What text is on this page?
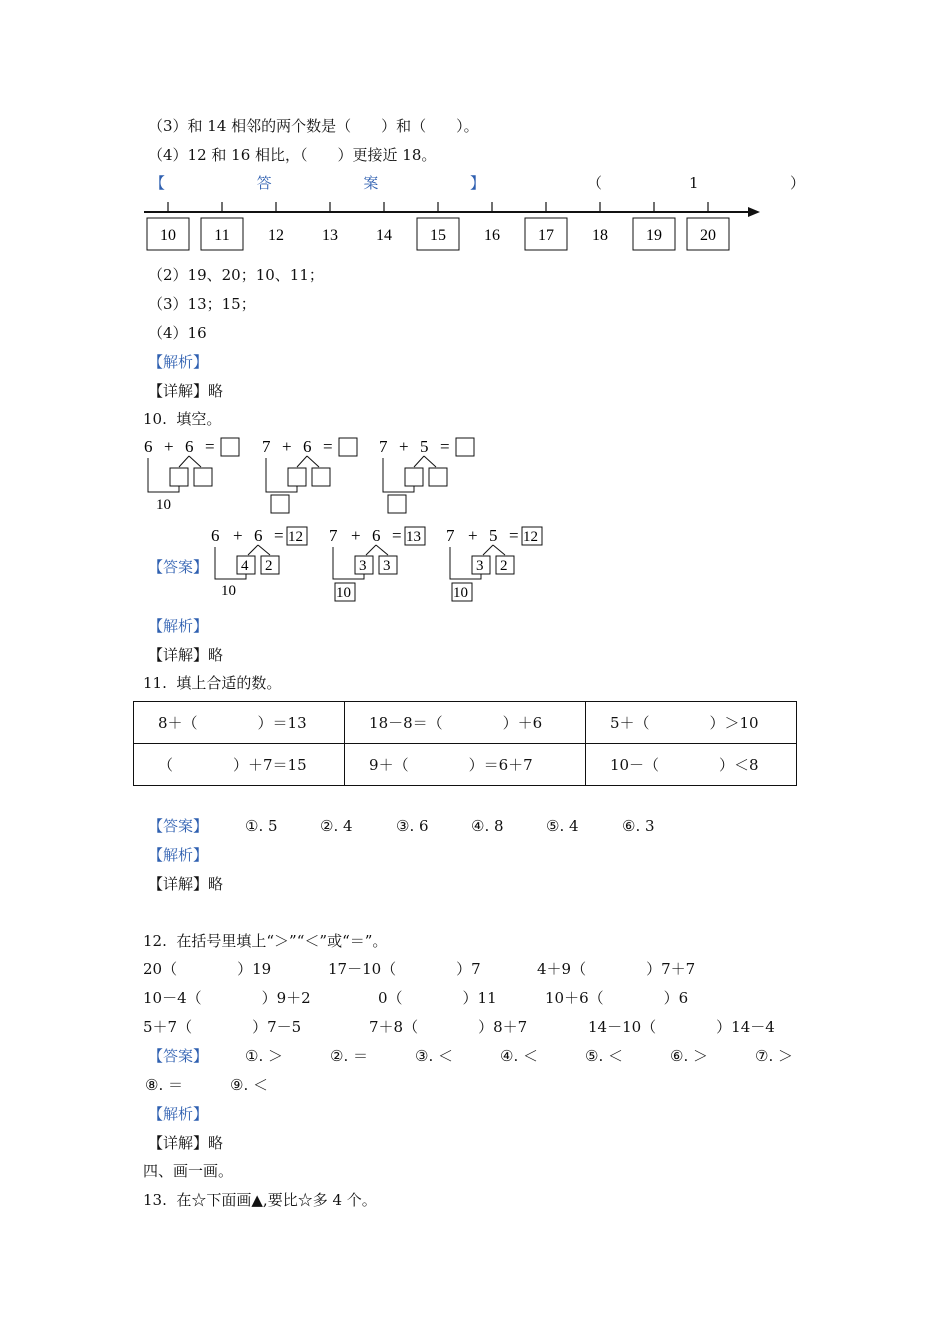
（3）和 14 相邻的两个数是（　　）和（　　）。
（4）12 和 16 相比，（　　）更接近 18。
【	答	案	】	（	1	）
10 11 12 13 14 15 16 17 18 19 20
（2）19、20；10、11；
（3）13；15；
（4）16
【解析】
【详解】略
10.  填空。
6 + 6 =
10
7 + 6 =	7 + 5 =
【答案】
6 + 6 = 12
4 2
10
7 + 6 = 13
3 3
10
7 + 5 = 12
3 2
10
【解析】
【详解】略
11.  填上合适的数。
8＋（　　　　）＝13	18－8＝（　　　　）＋6	5＋（　　　　）＞10
（　　　　）＋7＝15	9＋（　　　　）＝6＋7	10－（　　　　）＜8
【答案】 ①. 5	②. 4	③. 6	④. 8	⑤. 4	⑥. 3
【解析】
【详解】略
12.  在括号里填上“＞”“＜”或“＝”。
20（　　　　）19	17－10（　　　　）7	4＋9（　　　　）7＋7
10－4（　　　　）9＋2	0（　　　　）11	10＋6（　　　　）6
5＋7（　　　　）7－5	7＋8（　　　　）8＋7	14－10（　　　　）14－4
【答案】 ①. ＞	②. ＝	③. ＜	④. ＜	⑤. ＜	⑥. ＞	⑦. ＞
⑧. ＝	⑨. ＜
【解析】
【详解】略
四、画一画。
13.  在☆下面画▲,要比☆多 4 个。
